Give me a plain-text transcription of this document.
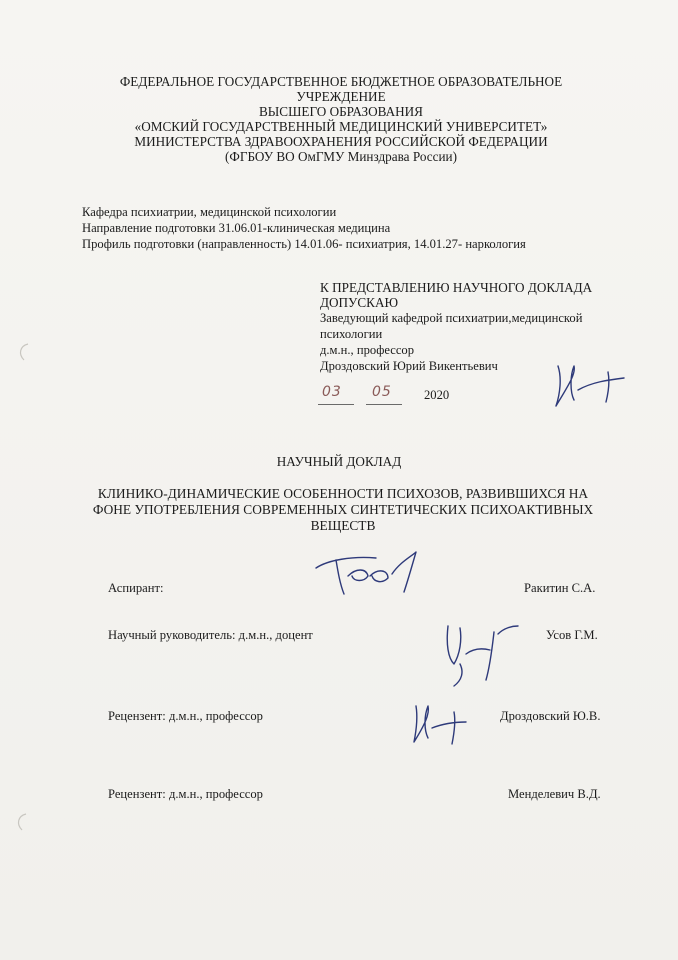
ФЕДЕРАЛЬНОЕ ГОСУДАРСТВЕННОЕ БЮДЖЕТНОЕ ОБРАЗОВАТЕЛЬНОЕ
УЧРЕЖДЕНИЕ
ВЫСШЕГО ОБРАЗОВАНИЯ
«ОМСКИЙ ГОСУДАРСТВЕННЫЙ МЕДИЦИНСКИЙ УНИВЕРСИТЕТ»
МИНИСТЕРСТВА ЗДРАВООХРАНЕНИЯ РОССИЙСКОЙ ФЕДЕРАЦИИ
(ФГБОУ ВО ОмГМУ Минздрава России)
Кафедра психиатрии, медицинской психологии
Направление подготовки 31.06.01-клиническая медицина
Профиль подготовки (направленность) 14.01.06- психиатрия, 14.01.27- наркология
К ПРЕДСТАВЛЕНИЮ НАУЧНОГО ДОКЛАДА
ДОПУСКАЮ
Заведующий кафедрой психиатрии,медицинской
психологии
д.м.н., профессор
Дроздовский Юрий Викентьевич
03 05	2020
НАУЧНЫЙ ДОКЛАД
КЛИНИКО-ДИНАМИЧЕСКИЕ ОСОБЕННОСТИ ПСИХОЗОВ, РАЗВИВШИХСЯ НА
ФОНЕ УПОТРЕБЛЕНИЯ СОВРЕМЕННЫХ СИНТЕТИЧЕСКИХ ПСИХОАКТИВНЫХ
ВЕЩЕСТВ
Аспирант:	Ракитин С.А.
Научный руководитель: д.м.н., доцент	Усов Г.М.
Рецензент: д.м.н., профессор	Дроздовский Ю.В.
Рецензент: д.м.н., профессор	Менделевич В.Д.
